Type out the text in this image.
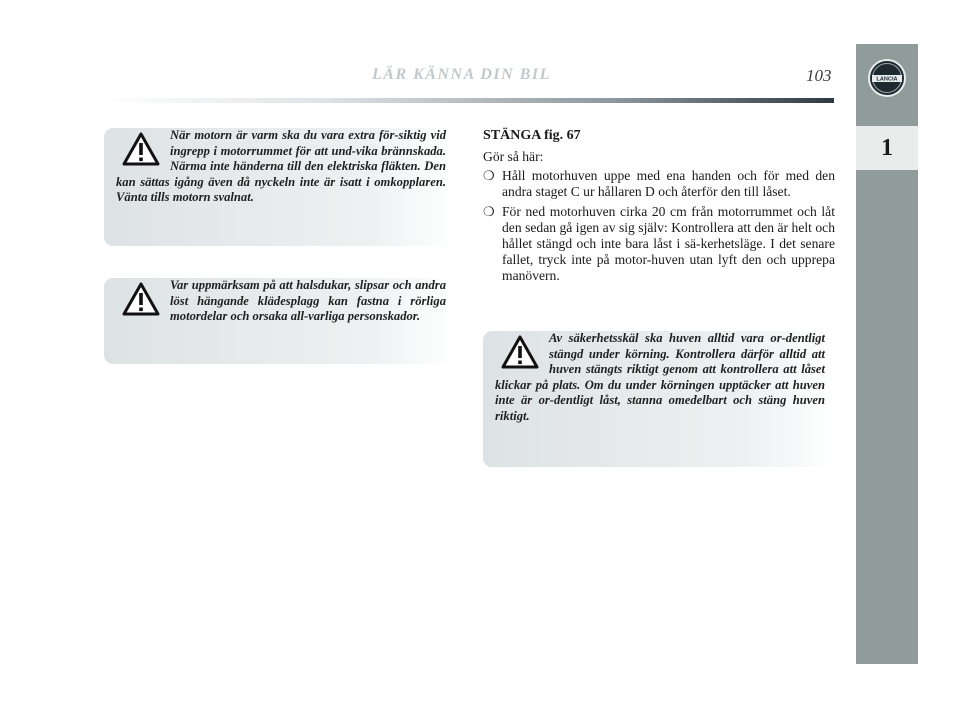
LÄR KÄNNA DIN BIL	103	LANCIA
1

När motorn är varm ska du vara extra för-siktig vid ingrepp i motorrummet för att und-vika brännskada. Närma inte händerna till den elektriska fläkten. Den kan sättas igång även då nyckeln inte är isatt i omkopplaren. Vänta tills motorn svalnat.

Var uppmärksam på att halsdukar, slipsar och andra löst hängande klädesplagg kan fastna i rörliga motordelar och orsaka all-varliga personskador.

STÄNGA fig. 67

Gör så här:

❍ Håll motorhuven uppe med ena handen och för med den andra staget C ur hållaren D och återför den till låset.
❍ För ned motorhuven cirka 20 cm från motorrummet och låt den sedan gå igen av sig själv: Kontrollera att den är helt och hållet stängd och inte bara låst i sä-kerhetsläge. I det senare fallet, tryck inte på motor-huven utan lyft den och upprepa manövern.

Av säkerhetsskäl ska huven alltid vara or-dentligt stängd under körning. Kontrollera därför alltid att huven stängts riktigt genom att kontrollera att låset klickar på plats. Om du under körningen upptäcker att huven inte är or-dentligt låst, stanna omedelbart och stäng huven riktigt.
